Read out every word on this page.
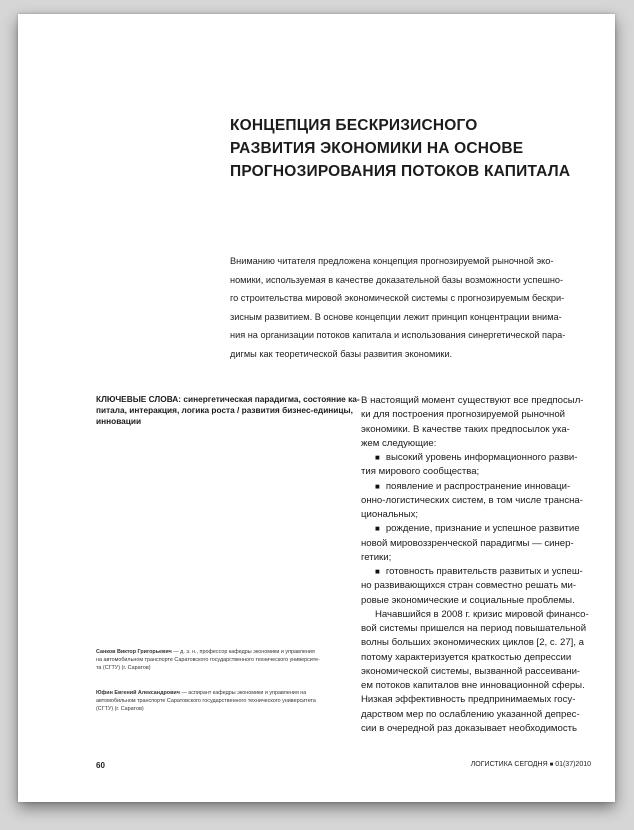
КОНЦЕПЦИЯ БЕСКРИЗИСНОГО
РАЗВИТИЯ ЭКОНОМИКИ НА ОСНОВЕ
ПРОГНОЗИРОВАНИЯ ПОТОКОВ КАПИТАЛА
Вниманию читателя предложена концепция прогнозируемой рыночной эко-
номики, используемая в качестве доказательной базы возможности успешно-
го строительства мировой экономической системы с прогнозируемым бескри-
зисным развитием. В основе концепции лежит принцип концентрации внима-
ния на организации потоков капитала и использования синергетической пара-
дигмы как теоретической базы развития экономики.
КЛЮЧЕВЫЕ СЛОВА: синергетическая парадигма, состояние ка-
питала, интеракция, логика роста / развития бизнес-единицы,
инновации
Санков Виктор Григорьевич — д. э. н., профессор кафедры экономики и управления
на автомобильном транспорте Саратовского государственного технического университе-
та (СГТУ) (г. Саратов)
Юфин Евгений Александрович — аспирант кафедры экономики и управления на
автомобильном транспорте Саратовского государственного технического университета
(СГТУ) (г. Саратов)
В настоящий момент существуют все предпосыл-
ки для построения прогнозируемой рыночной
экономики. В качестве таких предпосылок ука-
жем следующие:
■ высокий уровень информационного разви-
тия мирового сообщества;
■ появление и распространение инноваци-
онно-логистических систем, в том числе трансна-
циональных;
■ рождение, признание и успешное развитие
новой мировоззренческой парадигмы — синер-
гетики;
■ готовность правительств развитых и успеш-
но развивающихся стран совместно решать ми-
ровые экономические и социальные проблемы.
Начавшийся в 2008 г. кризис мировой финансо-
вой системы пришелся на период повышательной
волны больших экономических циклов [2, с. 27], а
потому характеризуется краткостью депрессии
экономической системы, вызванной рассеивани-
ем потоков капиталов вне инновационной сферы.
Низкая эффективность предпринимаемых госу-
дарством мер по ослаблению указанной депрес-
сии в очередной раз доказывает необходимость
60	ЛОГИСТИКА СЕГОДНЯ ■ 01(37)2010
